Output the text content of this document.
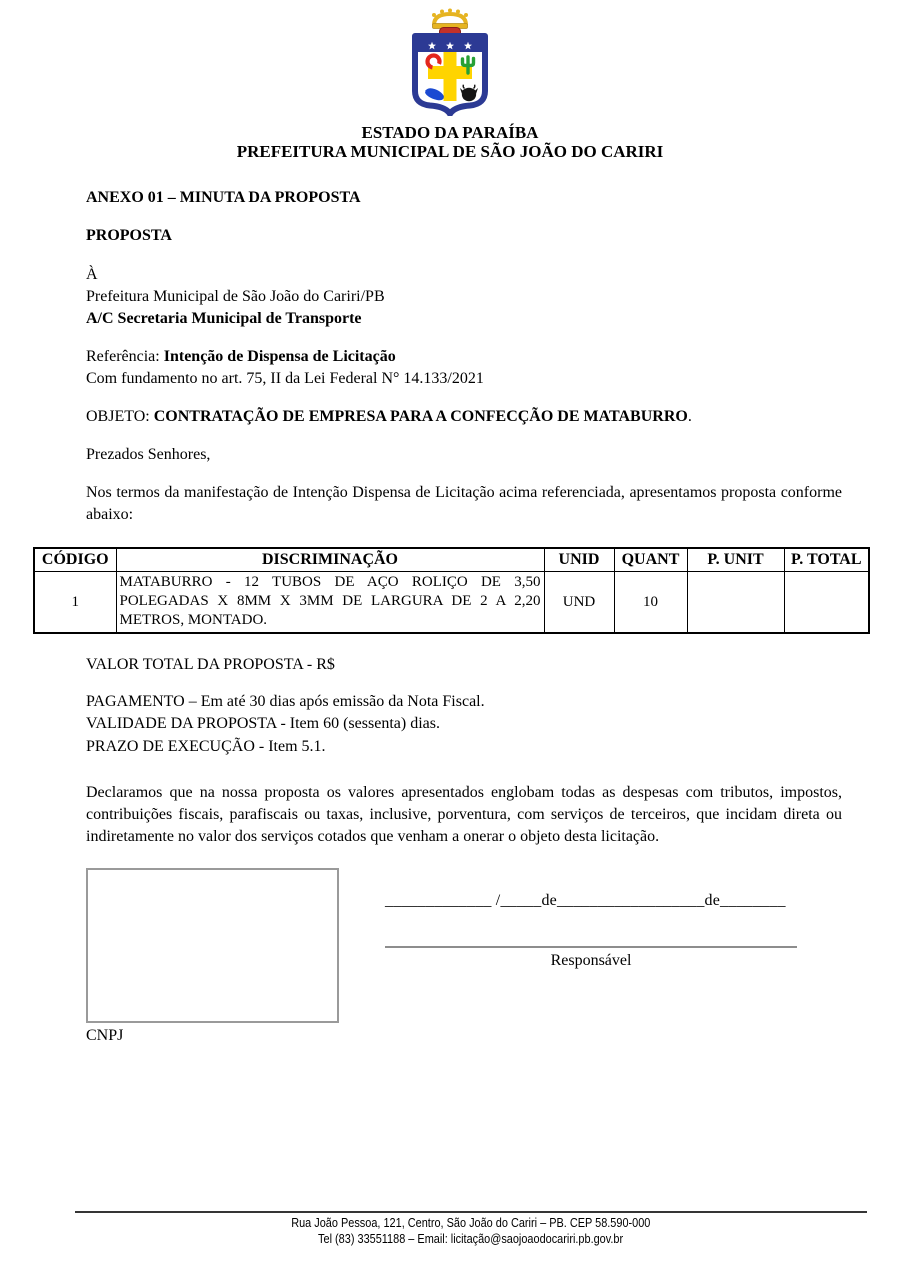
ESTADO DA PARAÍBA
PREFEITURA MUNICIPAL DE SÃO JOÃO DO CARIRI

ANEXO 01 – MINUTA DA PROPOSTA

PROPOSTA

À
Prefeitura Municipal de São João do Cariri/PB
A/C Secretaria Municipal de Transporte
Referência: Intenção de Dispensa de Licitação
Com fundamento no art. 75, II da Lei Federal N° 14.133/2021

OBJETO: CONTRATAÇÃO DE EMPRESA PARA A CONFECÇÃO DE MATABURRO.

Prezados Senhores,

Nos termos da manifestação de Intenção Dispensa de Licitação acima referenciada, apresentamos proposta conforme abaixo:

CÓDIGO	DISCRIMINAÇÃO	UNID	QUANT	P. UNIT	P. TOTAL
1	MATABURRO - 12 TUBOS DE AÇO ROLIÇO DE 3,50 POLEGADAS X 8MM X 3MM DE LARGURA DE 2 A 2,20 METROS, MONTADO.	UND	10		

VALOR TOTAL DA PROPOSTA - R$

PAGAMENTO – Em até 30 dias após emissão da Nota Fiscal.
VALIDADE DA PROPOSTA - Item 60 (sessenta) dias.
PRAZO DE EXECUÇÃO - Item 5.1.

Declaramos que na nossa proposta os valores apresentados englobam todas as despesas com tributos, impostos, contribuições fiscais, parafiscais ou taxas, inclusive, porventura, com serviços de terceiros, que incidam direta ou indiretamente no valor dos serviços cotados que venham a onerar o objeto desta licitação.

CNPJ
_____________ /_____de__________________de________
Responsável
Rua João Pessoa, 121, Centro, São João do Cariri – PB. CEP 58.590-000
Tel (83) 33551188 – Email: licitação@saojoaodocariri.pb.gov.br
